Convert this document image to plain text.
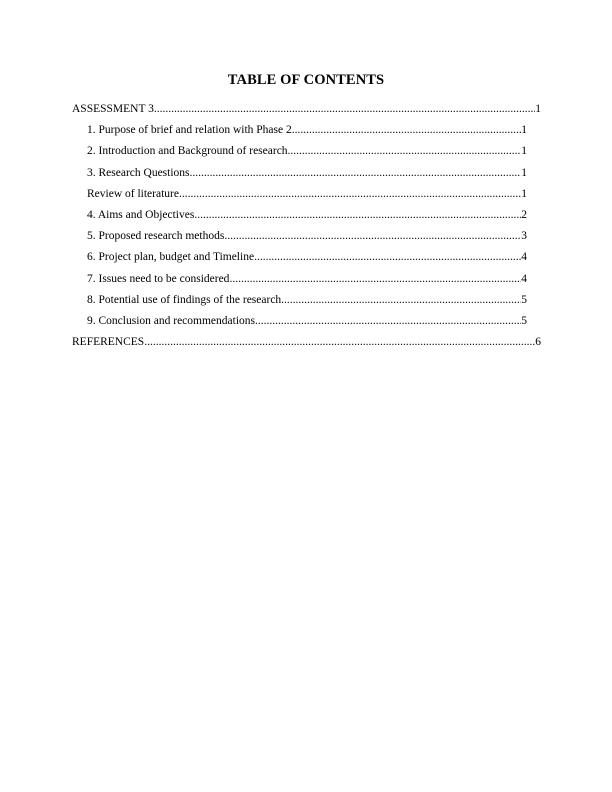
TABLE OF CONTENTS
ASSESSMENT 3 .....	1
1. Purpose of brief and relation with Phase 2 .....	1
2. Introduction and Background of research .....	1
3. Research Questions .....	1
Review of literature .....	1
4. Aims and Objectives .....	2
5. Proposed research methods .....	3
6. Project plan, budget and Timeline .....	4
7. Issues need to be considered .....	4
8. Potential use of findings of the research .....	5
9. Conclusion and recommendations .....	5
REFERENCES .....	6
